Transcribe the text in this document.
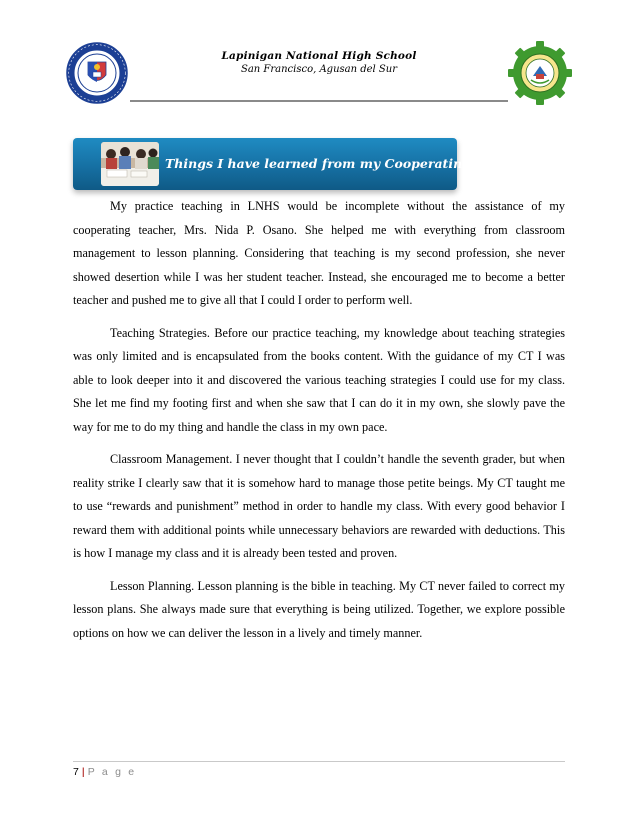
Lapinigan National High School
San Francisco, Agusan del Sur
Things I have learned from my Cooperating Teacher

My practice teaching in LNHS would be incomplete without the assistance of my cooperating teacher, Mrs. Nida P. Osano. She helped me with everything from classroom management to lesson planning. Considering that teaching is my second profession, she never showed desertion while I was her student teacher. Instead, she encouraged me to become a better teacher and pushed me to give all that I could I order to perform well.

Teaching Strategies. Before our practice teaching, my knowledge about teaching strategies was only limited and is encapsulated from the books content. With the guidance of my CT I was able to look deeper into it and discovered the various teaching strategies I could use for my class. She let me find my footing first and when she saw that I can do it in my own, she slowly pave the way for me to do my thing and handle the class in my own pace.

Classroom Management. I never thought that I couldn’t handle the seventh grader, but when reality strike I clearly saw that it is somehow hard to manage those petite beings. My CT taught me to use “rewards and punishment” method in order to handle my class. With every good behavior I reward them with additional points while unnecessary behaviors are rewarded with deductions. This is how I manage my class and it is already been tested and proven.

Lesson Planning. Lesson planning is the bible in teaching. My CT never failed to correct my lesson plans. She always made sure that everything is being utilized. Together, we explore possible options on how we can deliver the lesson in a lively and timely manner.

7 | P a g e
